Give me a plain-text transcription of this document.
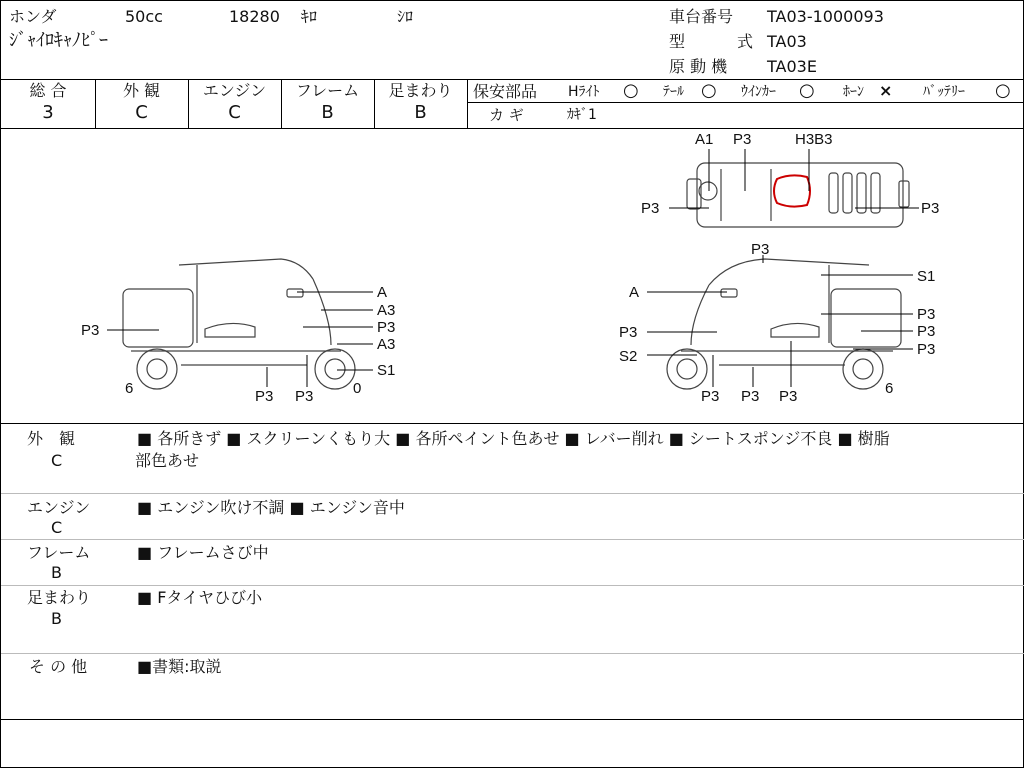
ホンダ	50cc	18280 ｷﾛ	ｼﾛ
ｼﾞｬｲﾛｷｬﾉﾋﾟｰ
車台番号 TA03-1000093
型	式 TA03
原 動 機 TA03E
総 合	外 観	エンジン	フレーム	足まわり
3	C	C	B	B
保安部品 Hﾗｲﾄ ○ ﾃｰﾙ ○ ｳｲﾝｶｰ ○ ﾎｰﾝ × ﾊﾞｯﾃﾘｰ ○
カ ギ	ｶｷﾞ1
A1 P3	H3B3
P3	P3
A
A3
P3
A3
S1
P3
6	P3 P3	0
P3
S1
A
P3
P3	P3
P3
S2
6
P3 P3 P3
外　観
C
■ 各所きず ■ スクリーンくもり大 ■ 各所ペイント色あせ ■ レバー削れ ■ シートスポンジ不良 ■ 樹脂
部色あせ
エンジン
C
■ エンジン吹け不調 ■ エンジン音中
フレーム
B
■ フレームさび中
足まわり
B
■ Fタイヤひび小
そ の 他	■書類:取説
